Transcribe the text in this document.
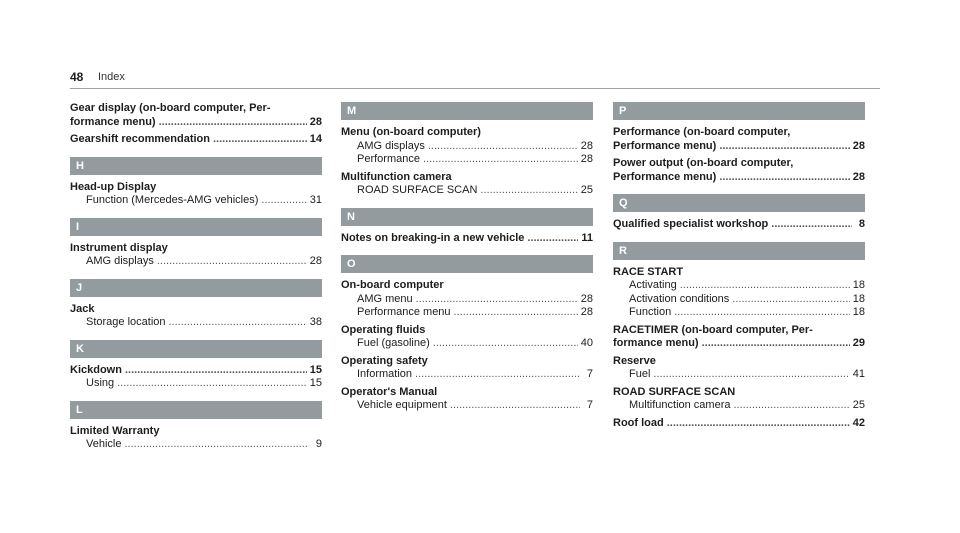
48 Index
Gear display (on-board computer, Per-
formance menu) .....	28
Gearshift recommendation .....	14
H
Head-up Display
Function (Mercedes-AMG vehicles) .....	31
I
Instrument display
AMG displays .....	28
J
Jack
Storage location .....	38
K
Kickdown .....	15
Using .....	15
L
Limited Warranty
Vehicle .....	9
M
Menu (on-board computer)
AMG displays .....	28
Performance .....	28
Multifunction camera
ROAD SURFACE SCAN .....	25
N
Notes on breaking-in a new vehicle .....	11
O
On-board computer
AMG menu .....	28
Performance menu .....	28
Operating fluids
Fuel (gasoline) .....	40
Operating safety
Information .....	7
Operator's Manual
Vehicle equipment .....	7
P
Performance (on-board computer,
Performance menu) .....	28
Power output (on-board computer,
Performance menu) .....	28
Q
Qualified specialist workshop .....	8
R
RACE START
Activating .....	18
Activation conditions .....	18
Function .....	18
RACETIMER (on-board computer, Per-
formance menu) .....	29
Reserve
Fuel .....	41
ROAD SURFACE SCAN
Multifunction camera .....	25
Roof load .....	42
